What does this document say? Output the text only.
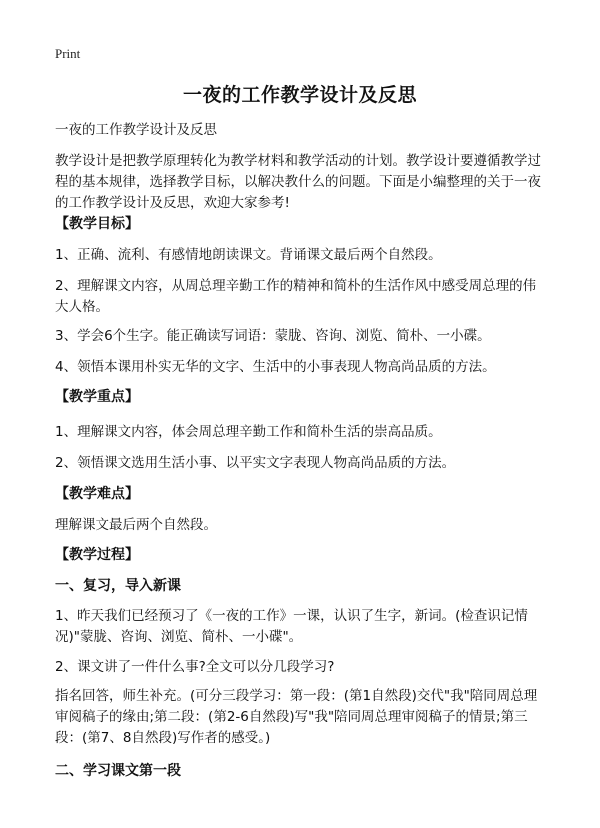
Print
一夜的工作教学设计及反思

一夜的工作教学设计及反思

教学设计是把教学原理转化为教学材料和教学活动的计划。教学设计要遵循教学过程的基本规律，选择教学目标，以解决教什么的问题。下面是小编整理的关于一夜的工作教学设计及反思，欢迎大家参考!

【教学目标】

1、正确、流利、有感情地朗读课文。背诵课文最后两个自然段。

2、理解课文内容，从周总理辛勤工作的精神和简朴的生活作风中感受周总理的伟大人格。

3、学会6个生字。能正确读写词语：蒙胧、咨询、浏览、简朴、一小碟。

4、领悟本课用朴实无华的文字、生活中的小事表现人物高尚品质的方法。

【教学重点】

1、理解课文内容，体会周总理辛勤工作和简朴生活的崇高品质。

2、领悟课文选用生活小事、以平实文字表现人物高尚品质的方法。

【教学难点】

理解课文最后两个自然段。

【教学过程】

一、复习，导入新课

1、昨天我们已经预习了《一夜的工作》一课，认识了生字，新词。(检查识记情况)"蒙胧、咨询、浏览、简朴、一小碟"。

2、课文讲了一件什么事?全文可以分几段学习?

指名回答，师生补充。(可分三段学习：第一段：(第1自然段)交代"我"陪同周总理审阅稿子的缘由;第二段：(第2-6自然段)写"我"陪同周总理审阅稿子的情景;第三段：(第7、8自然段)写作者的感受。)

二、学习课文第一段
